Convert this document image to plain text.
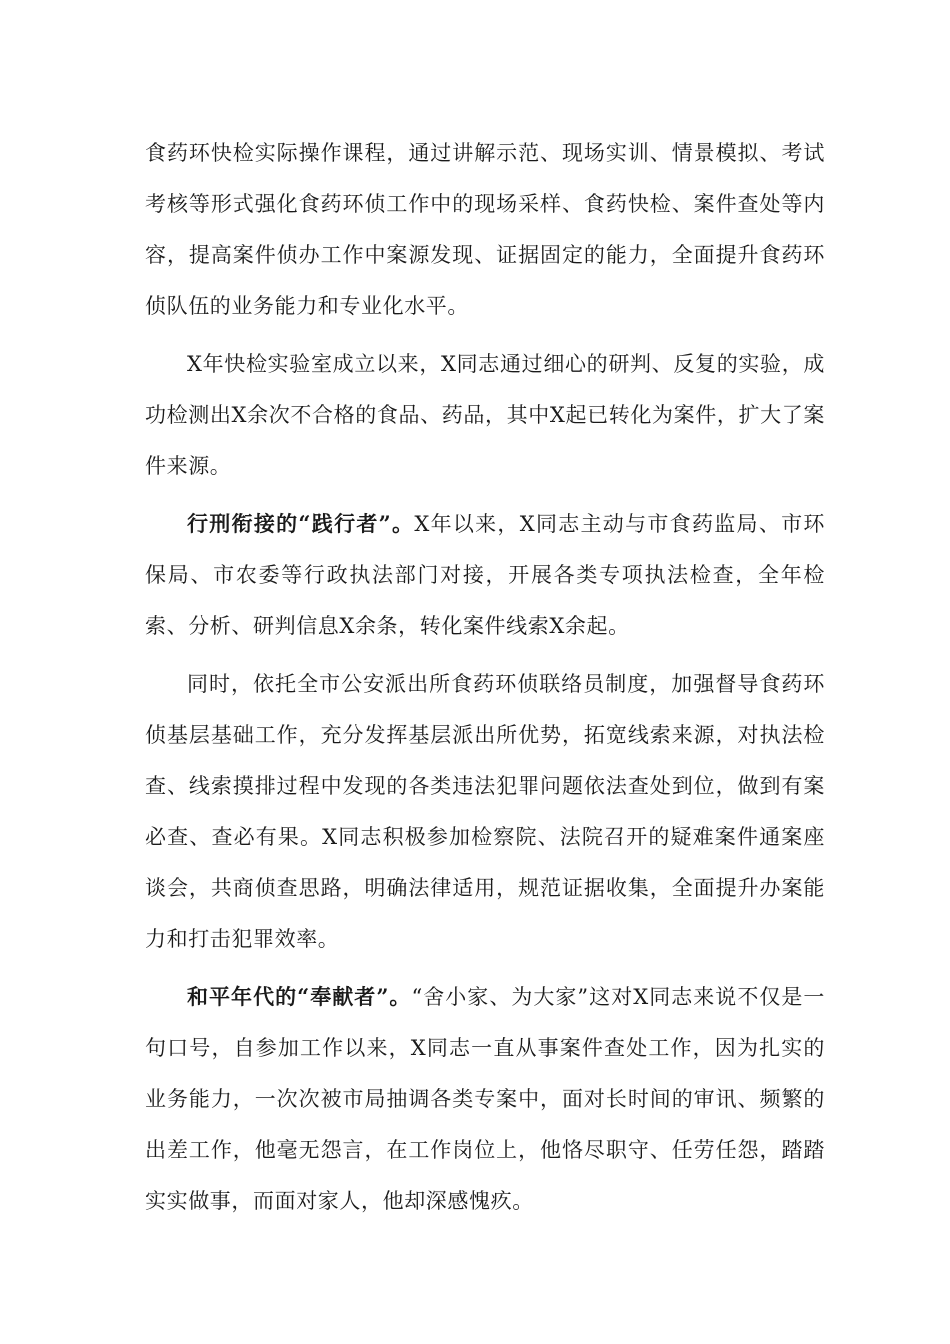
食药环快检实际操作课程，通过讲解示范、现场实训、情景模拟、考试考核等形式强化食药环侦工作中的现场采样、食药快检、案件查处等内容，提高案件侦办工作中案源发现、证据固定的能力，全面提升食药环侦队伍的业务能力和专业化水平。

X年快检实验室成立以来，X同志通过细心的研判、反复的实验，成功检测出X余次不合格的食品、药品，其中X起已转化为案件，扩大了案件来源。

行刑衔接的“践行者”。X年以来，X同志主动与市食药监局、市环保局、市农委等行政执法部门对接，开展各类专项执法检查，全年检索、分析、研判信息X余条，转化案件线索X余起。

同时，依托全市公安派出所食药环侦联络员制度，加强督导食药环侦基层基础工作，充分发挥基层派出所优势，拓宽线索来源，对执法检查、线索摸排过程中发现的各类违法犯罪问题依法查处到位，做到有案必查、查必有果。X同志积极参加检察院、法院召开的疑难案件通案座谈会，共商侦查思路，明确法律适用，规范证据收集，全面提升办案能力和打击犯罪效率。

和平年代的“奉献者”。“舍小家、为大家”这对X同志来说不仅是一句口号，自参加工作以来，X同志一直从事案件查处工作，因为扎实的业务能力，一次次被市局抽调各类专案中，面对长时间的审讯、频繁的出差工作，他毫无怨言，在工作岗位上，他恪尽职守、任劳任怨，踏踏实实做事，而面对家人，他却深感愧疚。
